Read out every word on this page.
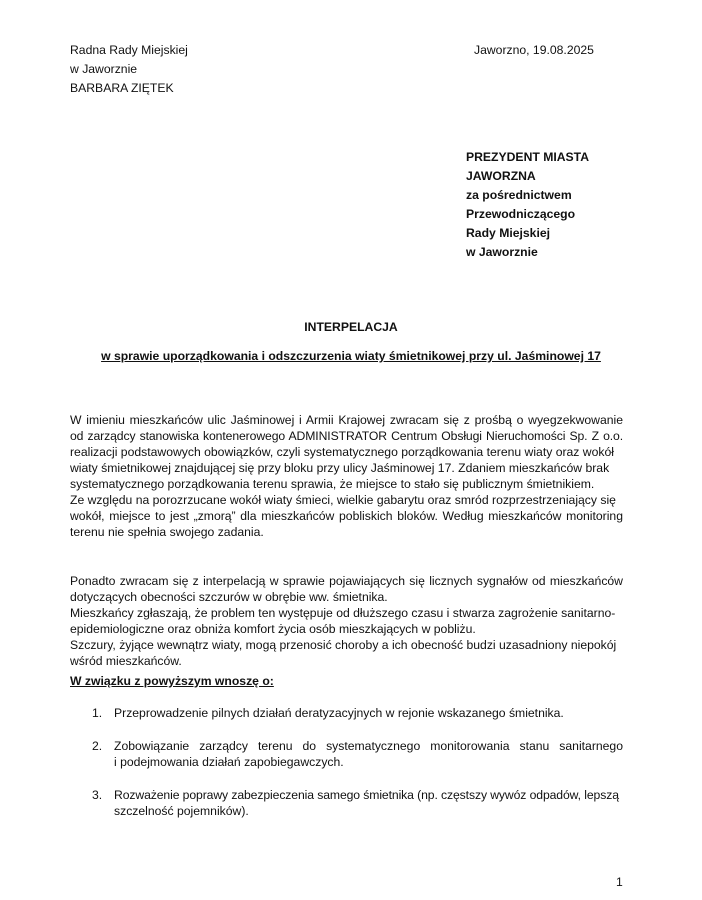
Radna Rady Miejskiej
w Jaworznie
BARBARA ZIĘTEK
Jaworzno, 19.08.2025
PREZYDENT MIASTA
JAWORZNA
za pośrednictwem
Przewodniczącego
Rady Miejskiej
w Jaworznie
INTERPELACJA
w sprawie uporządkowania i odszczurzenia wiaty śmietnikowej przy ul. Jaśminowej 17
W imieniu mieszkańców ulic Jaśminowej i Armii Krajowej zwracam się z prośbą o wyegzekwowanie
od zarządcy stanowiska kontenerowego ADMINISTRATOR Centrum Obsługi Nieruchomości Sp. Z o.o.
realizacji podstawowych obowiązków, czyli systematycznego porządkowania terenu wiaty oraz wokół
wiaty śmietnikowej znajdującej się przy bloku przy ulicy Jaśminowej 17. Zdaniem mieszkańców brak
systematycznego porządkowania terenu sprawia, że miejsce to stało się publicznym śmietnikiem.
Ze względu na porozrzucane wokół wiaty śmieci, wielkie gabarytu oraz smród rozprzestrzeniający się
wokół, miejsce to jest „zmorą” dla mieszkańców pobliskich bloków. Według mieszkańców monitoring
terenu nie spełnia swojego zadania.
Ponadto zwracam się z interpelacją w sprawie pojawiających się licznych sygnałów od mieszkańców
dotyczących obecności szczurów w obrębie ww. śmietnika.
Mieszkańcy zgłaszają, że problem ten występuje od dłuższego czasu i stwarza zagrożenie sanitarno-
epidemiologiczne oraz obniża komfort życia osób mieszkających w pobliżu.
Szczury, żyjące wewnątrz wiaty, mogą przenosić choroby a ich obecność budzi uzasadniony niepokój
wśród mieszkańców.
W związku z powyższym wnoszę o:
1. Przeprowadzenie pilnych działań deratyzacyjnych w rejonie wskazanego śmietnika.
2. Zobowiązanie zarządcy terenu do systematycznego monitorowania stanu sanitarnego
i podejmowania działań zapobiegawczych.
3. Rozważenie poprawy zabezpieczenia samego śmietnika (np. częstszy wywóz odpadów, lepszą
szczelność pojemników).
1
